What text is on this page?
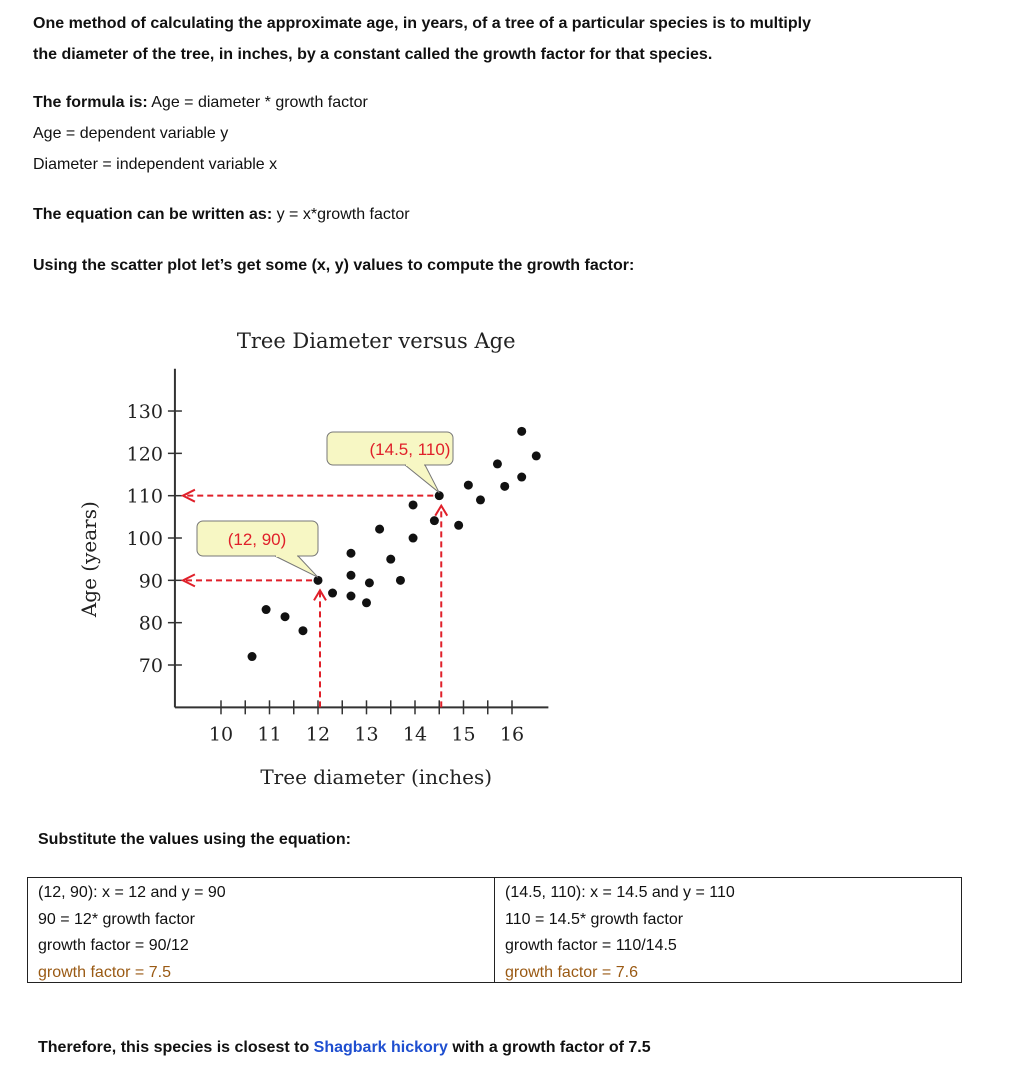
One method of calculating the approximate age, in years, of a tree of a particular species is to multiply
the diameter of the tree, in inches, by a constant called the growth factor for that species.
The formula is: Age = diameter * growth factor
Age = dependent variable y
Diameter = independent variable x
The equation can be written as: y = x*growth factor
Using the scatter plot let’s get some (x, y) values to compute the growth factor:
Tree Diameter versus Age
10 11 12 13 14 15 16
70
80
90
100
110
120
130
Tree diameter (inches)
Age (years)
(14.5, 110)
(12, 90)
Substitute the values using the equation:
(12, 90): x = 12 and y = 90
90 = 12* growth factor
growth factor = 90/12
growth factor = 7.5
(14.5, 110): x = 14.5 and y = 110
110 = 14.5* growth factor
growth factor = 110/14.5
growth factor = 7.6
Therefore, this species is closest to Shagbark hickory with a growth factor of 7.5
